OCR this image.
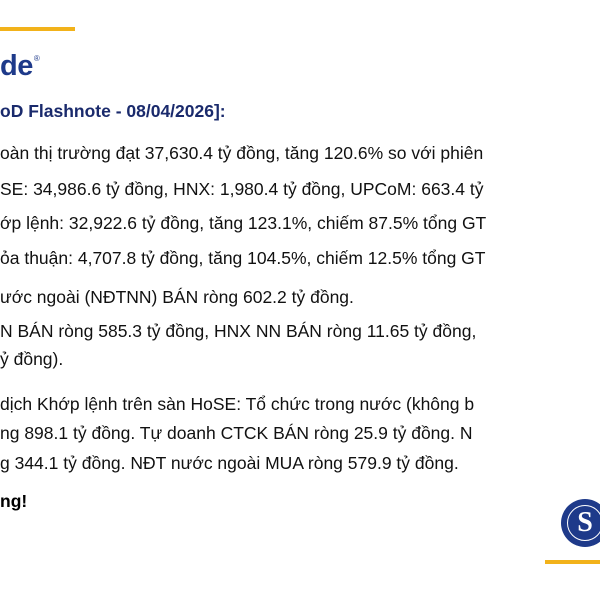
de®
oD Flashnote - 08/04/2026]:
oàn thị trường đạt 37,630.4 tỷ đồng, tăng 120.6% so với phiên
SE: 34,986.6 tỷ đồng, HNX: 1,980.4 tỷ đồng, UPCoM: 663.4 tỷ
ớp lệnh: 32,922.6 tỷ đồng, tăng 123.1%, chiếm 87.5% tổng GT
ỏa thuận: 4,707.8 tỷ đồng, tăng 104.5%, chiếm 12.5% tổng GT
ước ngoài (NĐTNN) BÁN ròng 602.2 tỷ đồng.
N BÁN ròng 585.3 tỷ đồng, HNX NN BÁN ròng 11.65 tỷ đồng,
ỷ đồng).
dịch Khớp lệnh trên sàn HoSE: Tổ chức trong nước (không b
ng 898.1 tỷ đồng. Tự doanh CTCK BÁN ròng 25.9 tỷ đồng. N
g 344.1 tỷ đồng. NĐT nước ngoài MUA ròng 579.9 tỷ đồng.
ng!
S
